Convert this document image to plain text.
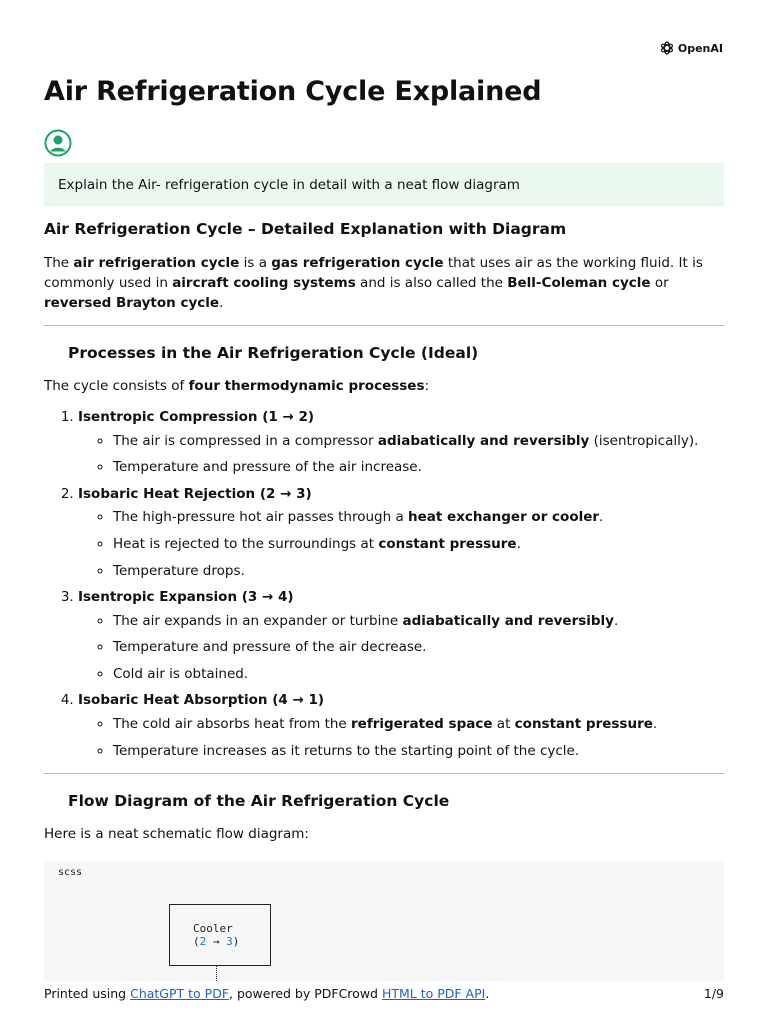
OpenAI
Air Refrigeration Cycle Explained
Explain the Air- refrigeration cycle in detail with a neat flow diagram
Air Refrigeration Cycle – Detailed Explanation with Diagram

The air refrigeration cycle is a gas refrigeration cycle that uses air as the working fluid. It is commonly used in aircraft cooling systems and is also called the Bell-Coleman cycle or reversed Brayton cycle.

Processes in the Air Refrigeration Cycle (Ideal)

The cycle consists of four thermodynamic processes:

1. Isentropic Compression (1 → 2)
◦ The air is compressed in a compressor adiabatically and reversibly (isentropically).
◦ Temperature and pressure of the air increase.
2. Isobaric Heat Rejection (2 → 3)
◦ The high-pressure hot air passes through a heat exchanger or cooler.
◦ Heat is rejected to the surroundings at constant pressure.
◦ Temperature drops.
3. Isentropic Expansion (3 → 4)
◦ The air expands in an expander or turbine adiabatically and reversibly.
◦ Temperature and pressure of the air decrease.
◦ Cold air is obtained.
4. Isobaric Heat Absorption (4 → 1)
◦ The cold air absorbs heat from the refrigerated space at constant pressure.
◦ Temperature increases as it returns to the starting point of the cycle.
Flow Diagram of the Air Refrigeration Cycle

Here is a neat schematic flow diagram:

scss
Cooler
(2 → 3)
Printed using ChatGPT to PDF, powered by PDFCrowd HTML to PDF API.	1/9
